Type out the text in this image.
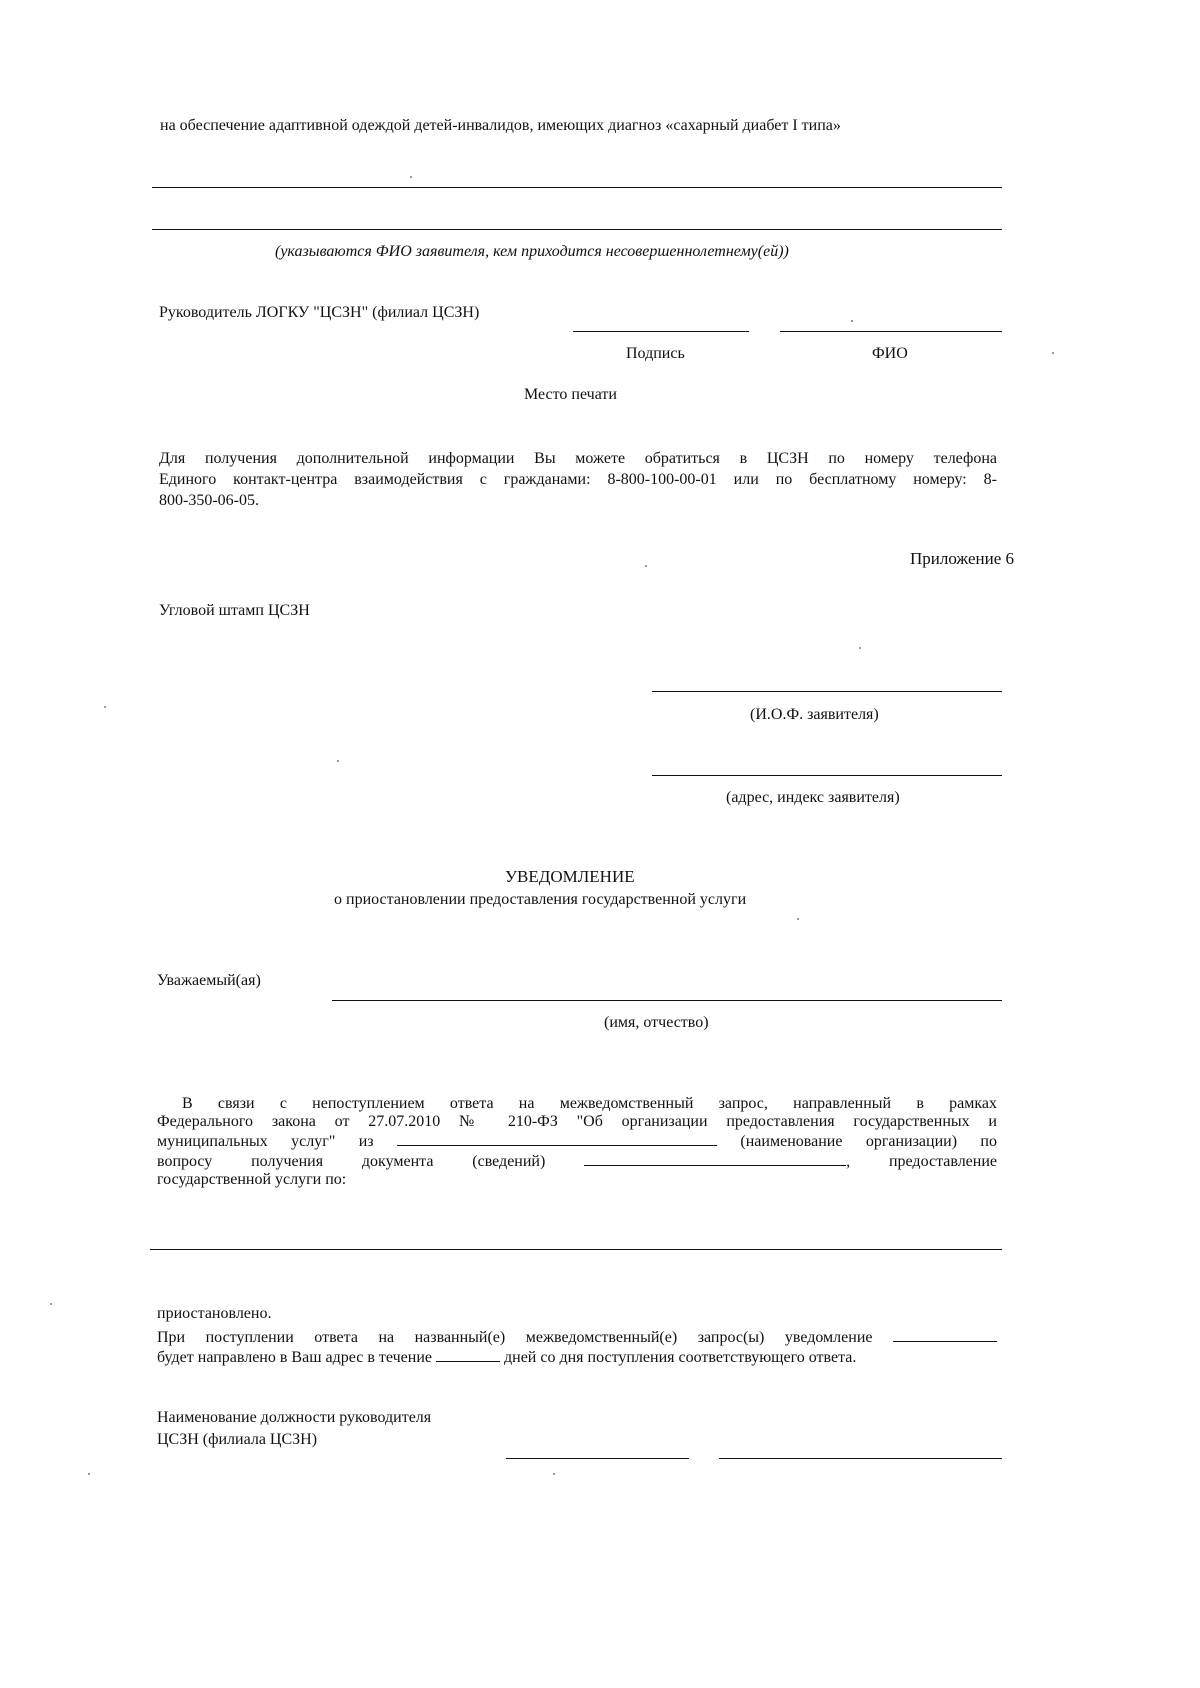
на обеспечение адаптивной одеждой детей-инвалидов, имеющих диагноз «сахарный диабет I типа»
(указываются ФИО заявителя, кем приходится несовершеннолетнему(ей))
Руководитель ЛОГКУ "ЦСЗН" (филиал ЦСЗН)
Подпись	ФИО
Место печати
Для получения дополнительной информации Вы можете обратиться в ЦСЗН по номеру телефона
Единого контакт-центра взаимодействия с гражданами: 8-800-100-00-01 или по бесплатному номеру: 8-
800-350-06-05.
Приложение 6
Угловой штамп ЦСЗН
(И.О.Ф. заявителя)
(адрес, индекс заявителя)
УВЕДОМЛЕНИЕ
о приостановлении предоставления государственной услуги
Уважаемый(ая)
(имя, отчество)
В связи с непоступлением ответа на межведомственный запрос, направленный в рамках
Федерального закона от 27.07.2010 № 210-ФЗ "Об организации предоставления государственных и
муниципальных услуг" из	(наименование организации) по
вопросу получения документа (сведений)	, предоставление
государственной услуги по:
приостановлено.
При поступлении ответа на названный(е) межведомственный(е) запрос(ы) уведомление
будет направлено в Ваш адрес в течение	дней со дня поступления соответствующего ответа.
Наименование должности руководителя
ЦСЗН (филиала ЦСЗН)
